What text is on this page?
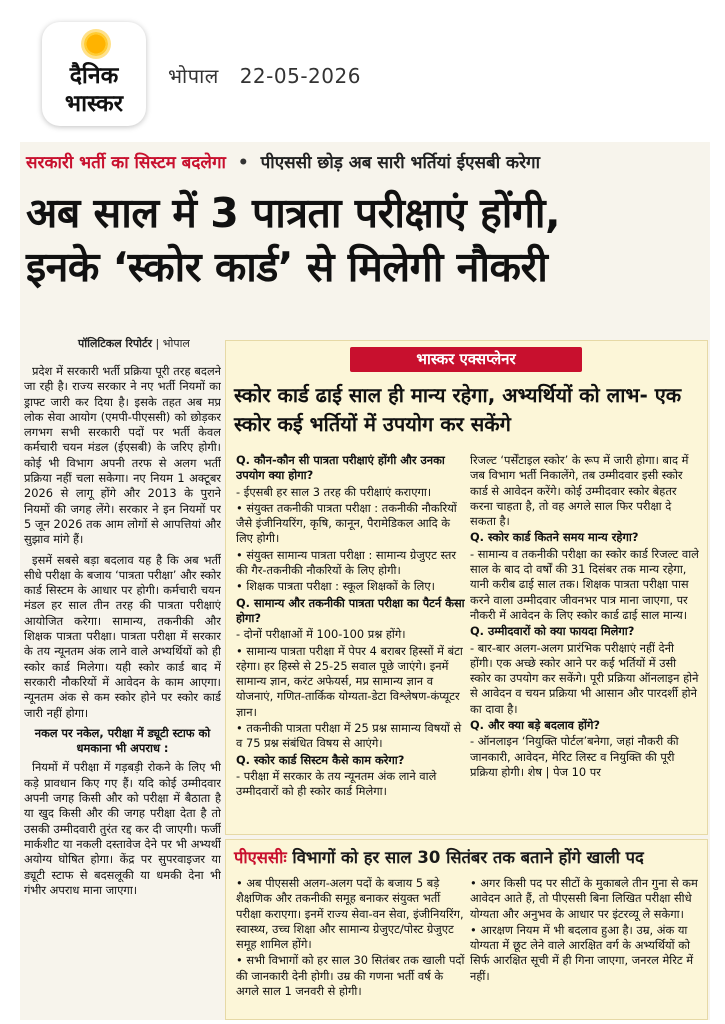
दैनिक
भास्कर
भोपाल 22-05-2026
सरकारी भर्ती का सिस्टम बदलेगा • पीएससी छोड़ अब सारी भर्तियां ईएसबी करेगा
अब साल में 3 पात्रता परीक्षाएं होंगी,
इनके ‘स्कोर कार्ड’ से मिलेगी नौकरी
पॉलिटिकल रिपोर्टर | भोपाल

प्रदेश में सरकारी भर्ती प्रक्रिया पूरी तरह बदलने जा रही है। राज्य सरकार ने नए भर्ती नियमों का ड्राफ्ट जारी कर दिया है। इसके तहत अब मप्र लोक सेवा आयोग (एमपी-पीएससी) को छोड़कर लगभग सभी सरकारी पदों पर भर्ती केवल कर्मचारी चयन मंडल (ईएसबी) के जरिए होगी। कोई भी विभाग अपनी तरफ से अलग भर्ती प्रक्रिया नहीं चला सकेगा। नए नियम 1 अक्टूबर 2026 से लागू होंगे और 2013 के पुराने नियमों की जगह लेंगे। सरकार ने इन नियमों पर 5 जून 2026 तक आम लोगों से आपत्तियां और सुझाव मांगे हैं।

इसमें सबसे बड़ा बदलाव यह है कि अब भर्ती सीधे परीक्षा के बजाय ‘पात्रता परीक्षा’ और स्कोर कार्ड सिस्टम के आधार पर होगी। कर्मचारी चयन मंडल हर साल तीन तरह की पात्रता परीक्षाएं आयोजित करेगा। सामान्य, तकनीकी और शिक्षक पात्रता परीक्षा। पात्रता परीक्षा में सरकार के तय न्यूनतम अंक लाने वाले अभ्यर्थियों को ही स्कोर कार्ड मिलेगा। यही स्कोर कार्ड बाद में सरकारी नौकरियों में आवेदन के काम आएगा। न्यूनतम अंक से कम स्कोर होने पर स्कोर कार्ड जारी नहीं होगा।

नकल पर नकेल, परीक्षा में ड्यूटी स्टाफ को धमकाना भी अपराध :

नियमों में परीक्षा में गड़बड़ी रोकने के लिए भी कड़े प्रावधान किए गए हैं। यदि कोई उम्मीदवार अपनी जगह किसी और को परीक्षा में बैठाता है या खुद किसी और की जगह परीक्षा देता है तो उसकी उम्मीदवारी तुरंत रद्द कर दी जाएगी। फर्जी मार्कशीट या नकली दस्तावेज देने पर भी अभ्यर्थी अयोग्य घोषित होगा। केंद्र पर सुपरवाइजर या ड्यूटी स्टाफ से बदसलूकी या धमकी देना भी गंभीर अपराध माना जाएगा।

भास्कर एक्सप्लेनर
स्कोर कार्ड ढाई साल ही मान्य रहेगा, अभ्यर्थियों को लाभ- एक स्कोर कई भर्तियों में उपयोग कर सकेंगे
Q. कौन-कौन सी पात्रता परीक्षाएं होंगी और उनका उपयोग क्या होगा?
- ईएसबी हर साल 3 तरह की परीक्षाएं कराएगा।
• संयुक्त तकनीकी पात्रता परीक्षा : तकनीकी नौकरियों जैसे इंजीनियरिंग, कृषि, कानून, पैरामेडिकल आदि के लिए होगी।
• संयुक्त सामान्य पात्रता परीक्षा : सामान्य ग्रेजुएट स्तर की गैर-तकनीकी नौकरियों के लिए होगी।
• शिक्षक पात्रता परीक्षा : स्कूल शिक्षकों के लिए।
Q. सामान्य और तकनीकी पात्रता परीक्षा का पैटर्न कैसा होगा?
- दोनों परीक्षाओं में 100-100 प्रश्न होंगे।
• सामान्य पात्रता परीक्षा में पेपर 4 बराबर हिस्सों में बंटा रहेगा। हर हिस्से से 25-25 सवाल पूछे जाएंगे। इनमें सामान्य ज्ञान, करंट अफेयर्स, मप्र सामान्य ज्ञान व योजनाएं, गणित-तार्किक योग्यता-डेटा विश्लेषण-कंप्यूटर ज्ञान।
• तकनीकी पात्रता परीक्षा में 25 प्रश्न सामान्य विषयों से व 75 प्रश्न संबंधित विषय से आएंगे।
Q. स्कोर कार्ड सिस्टम कैसे काम करेगा?
- परीक्षा में सरकार के तय न्यूनतम अंक लाने वाले उम्मीदवारों को ही स्कोर कार्ड मिलेगा।
रिजल्ट ‘पर्सेंटाइल स्कोर’ के रूप में जारी होगा। बाद में जब विभाग भर्ती निकालेंगे, तब उम्मीदवार इसी स्कोर कार्ड से आवेदन करेंगे। कोई उम्मीदवार स्कोर बेहतर करना चाहता है, तो वह अगले साल फिर परीक्षा दे सकता है।
Q. स्कोर कार्ड कितने समय मान्य रहेगा?
- सामान्य व तकनीकी परीक्षा का स्कोर कार्ड रिजल्ट वाले साल के बाद दो वर्षों की 31 दिसंबर तक मान्य रहेगा, यानी करीब ढाई साल तक। शिक्षक पात्रता परीक्षा पास करने वाला उम्मीदवार जीवनभर पात्र माना जाएगा, पर नौकरी में आवेदन के लिए स्कोर कार्ड ढाई साल मान्य।
Q. उम्मीदवारों को क्या फायदा मिलेगा?
- बार-बार अलग-अलग प्रारंभिक परीक्षाएं नहीं देनी होंगी। एक अच्छे स्कोर आने पर कई भर्तियों में उसी स्कोर का उपयोग कर सकेंगे। पूरी प्रक्रिया ऑनलाइन होने से आवेदन व चयन प्रक्रिया भी आसान और पारदर्शी होने का दावा है।
Q. और क्या बड़े बदलाव होंगे?
- ऑनलाइन ‘नियुक्ति पोर्टल’बनेगा, जहां नौकरी की जानकारी, आवेदन, मेरिट लिस्ट व नियुक्ति की पूरी प्रक्रिया होगी। शेष | पेज 10 पर
पीएससीः विभागों को हर साल 30 सितंबर तक बताने होंगे खाली पद
• अब पीएससी अलग-अलग पदों के बजाय 5 बड़े शैक्षणिक और तकनीकी समूह बनाकर संयुक्त भर्ती परीक्षा कराएगा। इनमें राज्य सेवा-वन सेवा, इंजीनियरिंग, स्वास्थ्य, उच्च शिक्षा और सामान्य ग्रेजुएट/पोस्ट ग्रेजुएट समूह शामिल होंगे।
• सभी विभागों को हर साल 30 सितंबर तक खाली पदों की जानकारी देनी होगी। उम्र की गणना भर्ती वर्ष के अगले साल 1 जनवरी से होगी।
• अगर किसी पद पर सीटों के मुकाबले तीन गुना से कम आवेदन आते हैं, तो पीएससी बिना लिखित परीक्षा सीधे योग्यता और अनुभव के आधार पर इंटरव्यू ले सकेगा।
• आरक्षण नियम में भी बदलाव हुआ है। उम्र, अंक या योग्यता में छूट लेने वाले आरक्षित वर्ग के अभ्यर्थियों को सिर्फ आरक्षित सूची में ही गिना जाएगा, जनरल मेरिट में नहीं।
